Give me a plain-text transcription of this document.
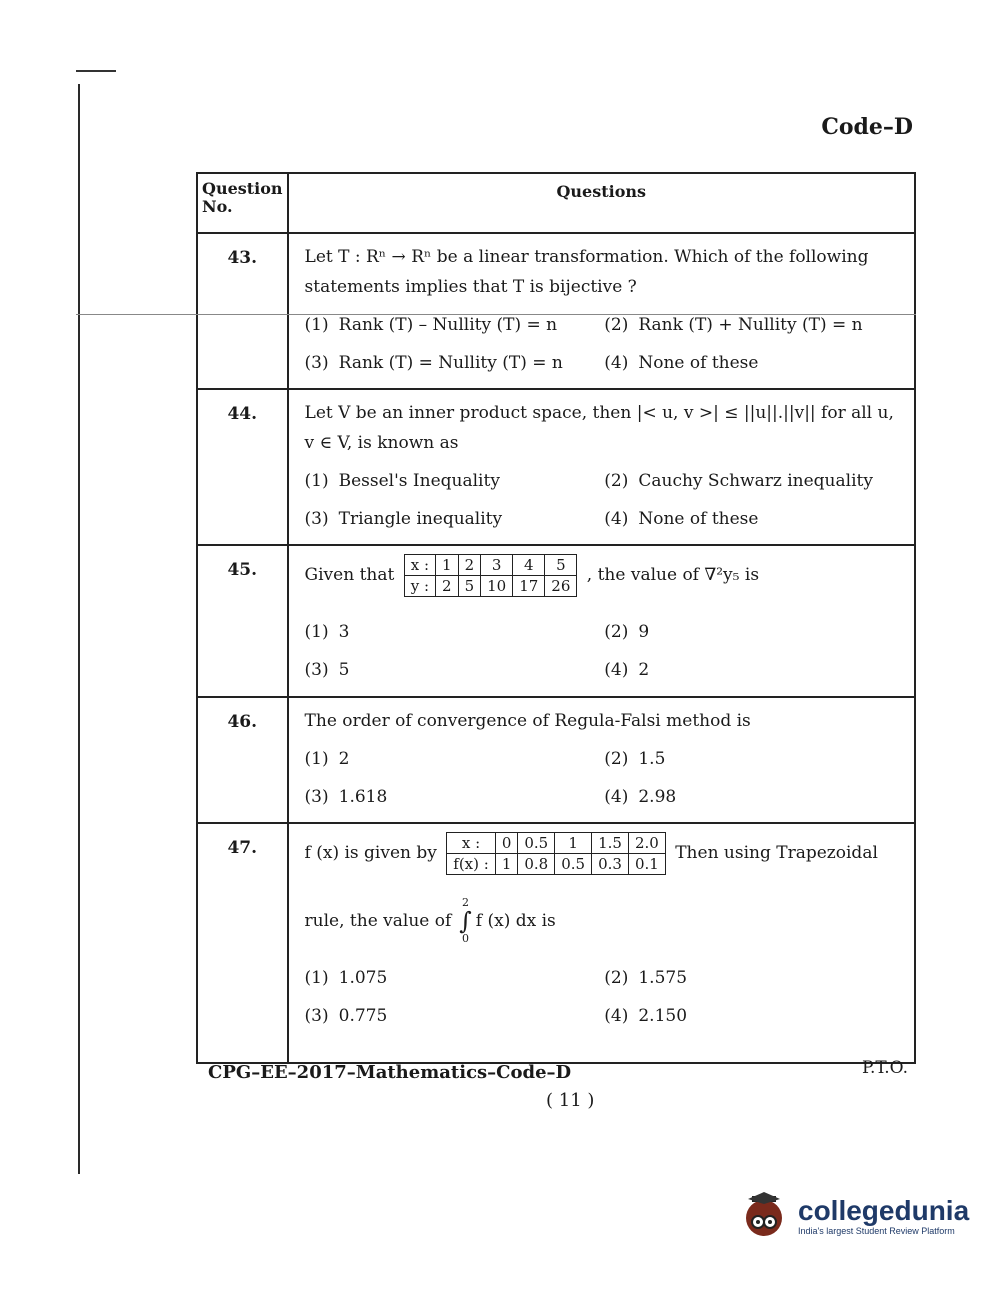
Code–D
Question No.	Questions
43.	Let T : Rⁿ → Rⁿ be a linear transformation. Which of the following statements implies that T is bijective ?
(1) Rank (T) – Nullity (T) = n	(2) Rank (T) + Nullity (T) = n
(3) Rank (T) = Nullity (T) = n (4) None of these

44.	Let V be an inner product space, then |< u, v >| ≤ ||u||.||v|| for all u, v ∈ V, is known as
(1) Bessel's Inequality	(2) Cauchy Schwarz inequality
(3) Triangle inequality	(4) None of these

45.	Given that x :	1	2	3	4	5
y :	2	5	10	17	26 , the value of ∇²y₅ is
(1) 3	(2) 9
(3) 5	(4) 2

46.	The order of convergence of Regula-Falsi method is
(1) 2	(2) 1.5
(3) 1.618	(4) 2.98

47.	f (x) is given by x :	0	0.5	1	1.5	2.0
f(x) :	1	0.8	0.5	0.3	0.1 Then using Trapezoidal
rule, the value of
2
∫
0
f (x) dx is
(1) 1.075	(2) 1.575
(3) 0.775	(4) 2.150
CPG–EE–2017–Mathematics–Code–D	P.T.O.
( 11 )
collegedunia
India's largest Student Review Platform
